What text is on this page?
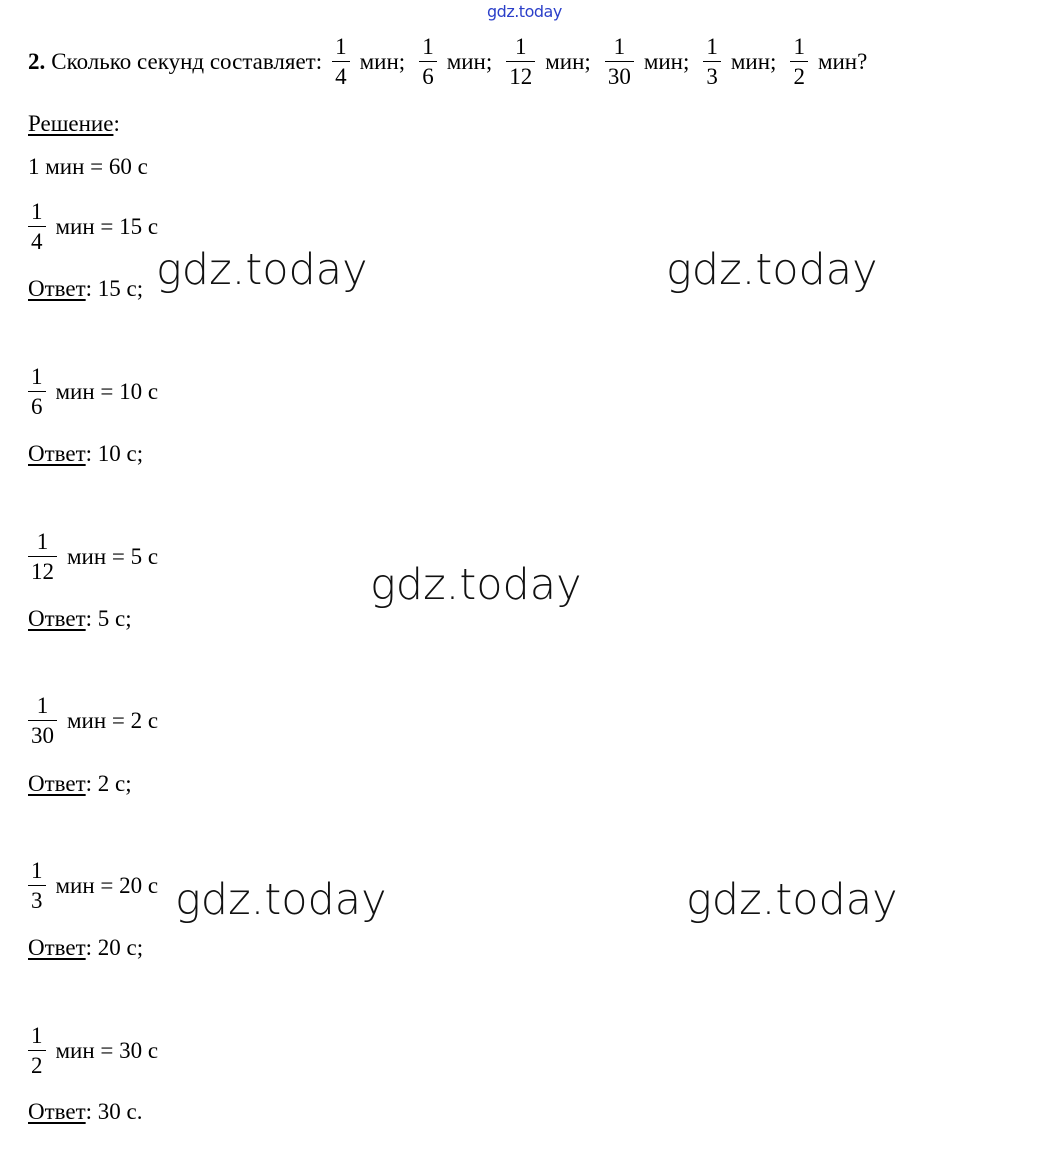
gdz.today
2. Сколько секунд составляет: $\frac{1}{4}$ мин; $\frac{1}{6}$ мин; $\frac{1}{12}$ мин; $\frac{1}{30}$ мин; $\frac{1}{3}$ мин; $\frac{1}{2}$ мин?
Решение:
1 мин = 60 с
$\frac{1}{4}$ мин = 15 с
Ответ: 15 с;
$\frac{1}{6}$ мин = 10 с
Ответ: 10 с;
$\frac{1}{12}$ мин = 5 с
Ответ: 5 с;
$\frac{1}{30}$ мин = 2 с
Ответ: 2 с;
$\frac{1}{3}$ мин = 20 с
Ответ: 20 с;
$\frac{1}{2}$ мин = 30 с
Ответ: 30 с.
gdz.today	gdz.today
gdz.today
gdz.today	gdz.today
